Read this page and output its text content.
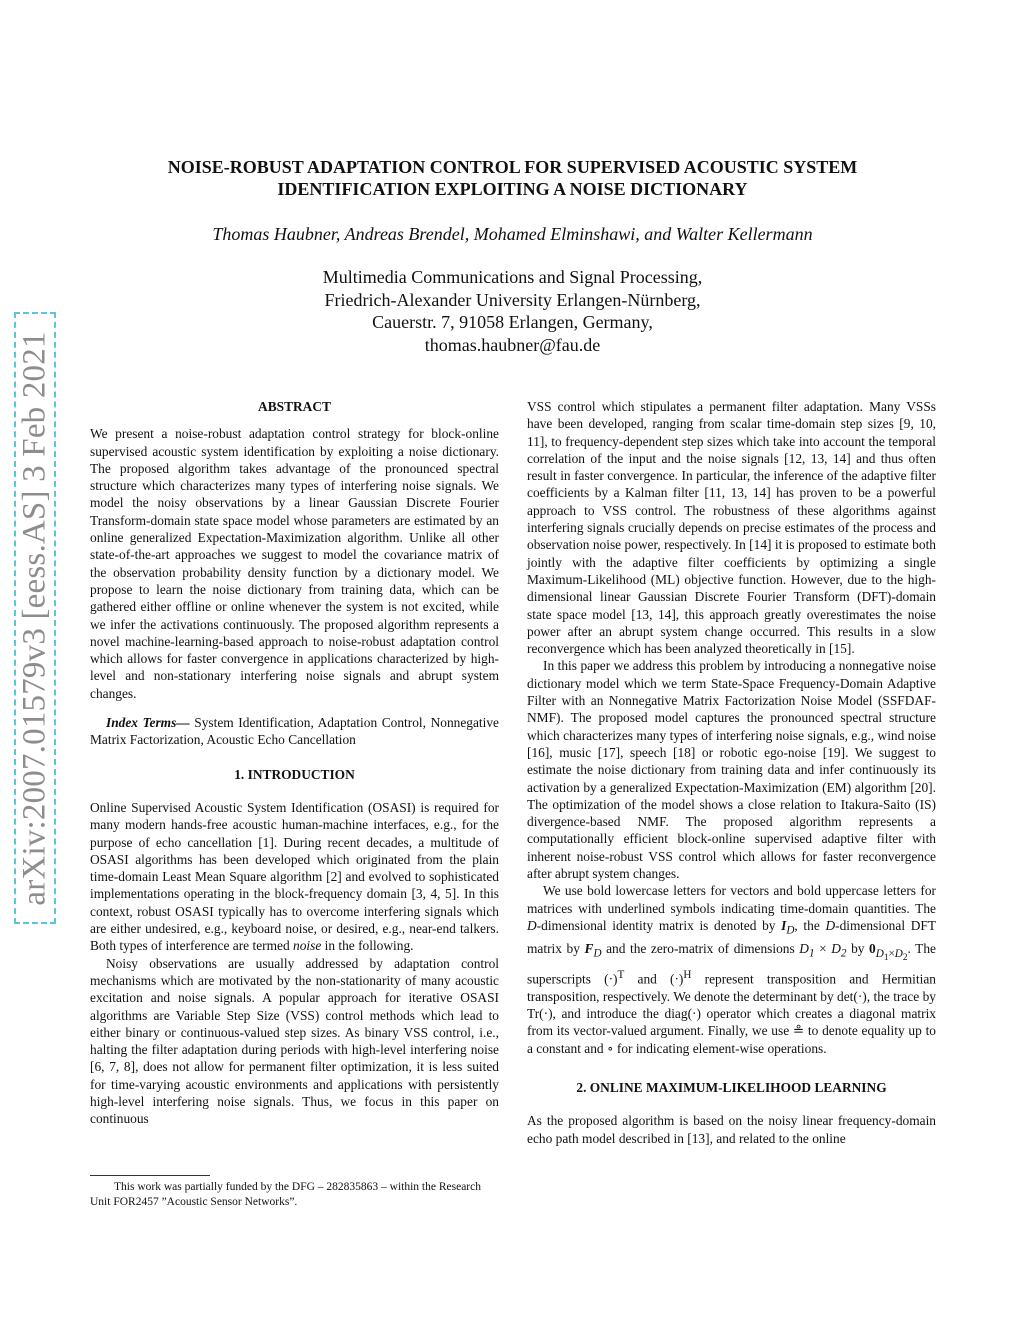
arXiv:2007.01579v3 [eess.AS] 3 Feb 2021
NOISE-ROBUST ADAPTATION CONTROL FOR SUPERVISED ACOUSTIC SYSTEM IDENTIFICATION EXPLOITING A NOISE DICTIONARY
Thomas Haubner, Andreas Brendel, Mohamed Elminshawi, and Walter Kellermann
Multimedia Communications and Signal Processing,
Friedrich-Alexander University Erlangen-Nürnberg,
Cauerstr. 7, 91058 Erlangen, Germany,
thomas.haubner@fau.de
ABSTRACT

We present a noise-robust adaptation control strategy for block-online supervised acoustic system identification by exploiting a noise dictionary. The proposed algorithm takes advantage of the pronounced spectral structure which characterizes many types of interfering noise signals. We model the noisy observations by a linear Gaussian Discrete Fourier Transform-domain state space model whose parameters are estimated by an online generalized Expectation-Maximization algorithm. Unlike all other state-of-the-art approaches we suggest to model the covariance matrix of the observation probability density function by a dictionary model. We propose to learn the noise dictionary from training data, which can be gathered either offline or online whenever the system is not excited, while we infer the activations continuously. The proposed algorithm represents a novel machine-learning-based approach to noise-robust adaptation control which allows for faster convergence in applications characterized by high-level and non-stationary interfering noise signals and abrupt system changes.

Index Terms— System Identification, Adaptation Control, Nonnegative Matrix Factorization, Acoustic Echo Cancellation

1. INTRODUCTION

Online Supervised Acoustic System Identification (OSASI) is required for many modern hands-free acoustic human-machine interfaces, e.g., for the purpose of echo cancellation [1]. During recent decades, a multitude of OSASI algorithms has been developed which originated from the plain time-domain Least Mean Square algorithm [2] and evolved to sophisticated implementations operating in the block-frequency domain [3, 4, 5]. In this context, robust OSASI typically has to overcome interfering signals which are either undesired, e.g., keyboard noise, or desired, e.g., near-end talkers. Both types of interference are termed noise in the following.

Noisy observations are usually addressed by adaptation control mechanisms which are motivated by the non-stationarity of many acoustic excitation and noise signals. A popular approach for iterative OSASI algorithms are Variable Step Size (VSS) control methods which lead to either binary or continuous-valued step sizes. As binary VSS control, i.e., halting the filter adaptation during periods with high-level interfering noise [6, 7, 8], does not allow for permanent filter optimization, it is less suited for time-varying acoustic environments and applications with persistently high-level interfering noise signals. Thus, we focus in this paper on continuous

This work was partially funded by the DFG – 282835863 – within the Research Unit FOR2457 ”Acoustic Sensor Networks”.

VSS control which stipulates a permanent filter adaptation. Many VSSs have been developed, ranging from scalar time-domain step sizes [9, 10, 11], to frequency-dependent step sizes which take into account the temporal correlation of the input and the noise signals [12, 13, 14] and thus often result in faster convergence. In particular, the inference of the adaptive filter coefficients by a Kalman filter [11, 13, 14] has proven to be a powerful approach to VSS control. The robustness of these algorithms against interfering signals crucially depends on precise estimates of the process and observation noise power, respectively. In [14] it is proposed to estimate both jointly with the adaptive filter coefficients by optimizing a single Maximum-Likelihood (ML) objective function. However, due to the high-dimensional linear Gaussian Discrete Fourier Transform (DFT)-domain state space model [13, 14], this approach greatly overestimates the noise power after an abrupt system change occurred. This results in a slow reconvergence which has been analyzed theoretically in [15].

In this paper we address this problem by introducing a nonnegative noise dictionary model which we term State-Space Frequency-Domain Adaptive Filter with an Nonnegative Matrix Factorization Noise Model (SSFDAF-NMF). The proposed model captures the pronounced spectral structure which characterizes many types of interfering noise signals, e.g., wind noise [16], music [17], speech [18] or robotic ego-noise [19]. We suggest to estimate the noise dictionary from training data and infer continuously its activation by a generalized Expectation-Maximization (EM) algorithm [20]. The optimization of the model shows a close relation to Itakura-Saito (IS) divergence-based NMF. The proposed algorithm represents a computationally efficient block-online supervised adaptive filter with inherent noise-robust VSS control which allows for faster reconvergence after abrupt system changes.

We use bold lowercase letters for vectors and bold uppercase letters for matrices with underlined symbols indicating time-domain quantities. The D-dimensional identity matrix is denoted by $I_D$, the D-dimensional DFT matrix by $F_D$ and the zero-matrix of dimensions $D_1 \times D_2$ by $0_{D_1\times D_2}$. The superscripts $(\cdot)^T$ and $(\cdot)^H$ represent transposition and Hermitian transposition, respectively. We denote the determinant by det(·), the trace by Tr(·), and introduce the diag(·) operator which creates a diagonal matrix from its vector-valued argument. Finally, we use ≗ to denote equality up to a constant and ∘ for indicating element-wise operations.

2. ONLINE MAXIMUM-LIKELIHOOD LEARNING

As the proposed algorithm is based on the noisy linear frequency-domain echo path model described in [13], and related to the online
